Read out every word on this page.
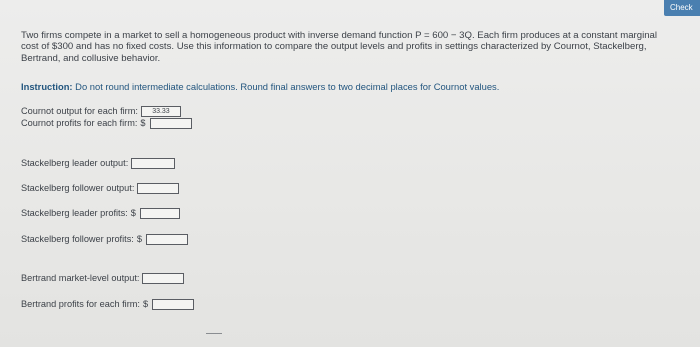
Check
Two firms compete in a market to sell a homogeneous product with inverse demand function P = 600 − 3Q. Each firm produces at a constant marginal cost of $300 and has no fixed costs. Use this information to compare the output levels and profits in settings characterized by Cournot, Stackelberg, Bertrand, and collusive behavior.
Instruction: Do not round intermediate calculations. Round final answers to two decimal places for Cournot values.
Cournot output for each firm:	33.33
Cournot profits for each firm: $
Stackelberg leader output:
Stackelberg follower output:
Stackelberg leader profits: $
Stackelberg follower profits: $
Bertrand market-level output:
Bertrand profits for each firm: $
